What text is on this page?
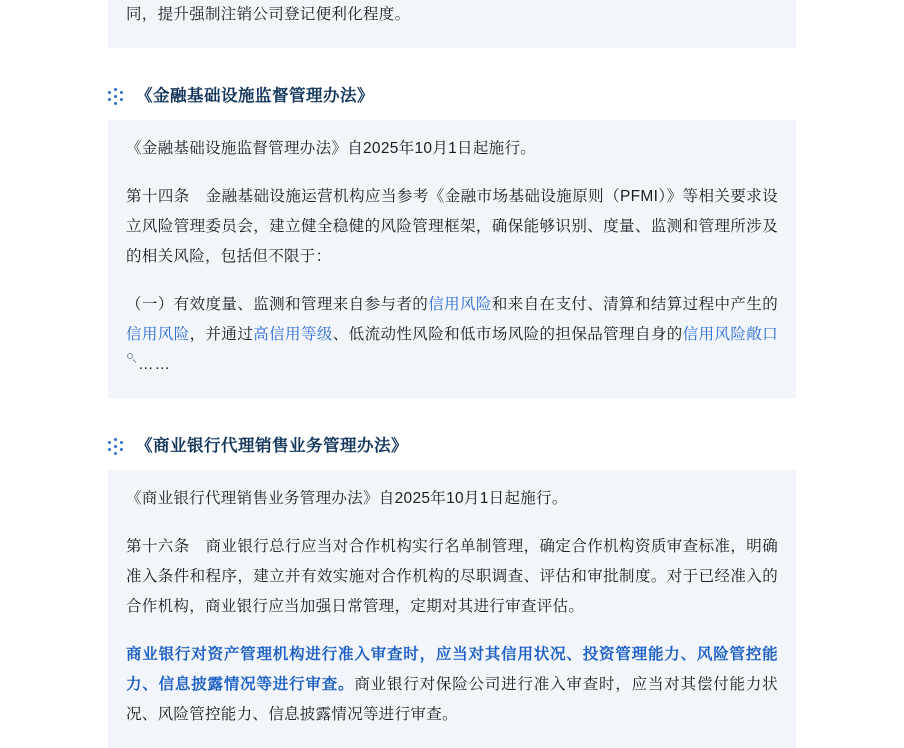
同，提升强制注销公司登记便利化程度。

《金融基础设施监督管理办法》

《金融基础设施监督管理办法》自2025年10月1日起施行。

第十四条　金融基础设施运营机构应当参考《金融市场基础设施原则（PFMI）》等相关要求设立风险管理委员会，建立健全稳健的风险管理框架，确保能够识别、度量、监测和管理所涉及的相关风险，包括但不限于：

（一）有效度量、监测和管理来自参与者的信用风险和来自在支付、清算和结算过程中产生的信用风险，并通过高信用等级、低流动性风险和低市场风险的担保品管理自身的信用风险敞口
……

《商业银行代理销售业务管理办法》

《商业银行代理销售业务管理办法》自2025年10月1日起施行。

第十六条　商业银行总行应当对合作机构实行名单制管理，确定合作机构资质审查标准，明确准入条件和程序，建立并有效实施对合作机构的尽职调查、评估和审批制度。对于已经准入的合作机构，商业银行应当加强日常管理，定期对其进行审查评估。

商业银行对资产管理机构进行准入审查时，应当对其信用状况、投资管理能力、风险管控能力、信息披露情况等进行审查。商业银行对保险公司进行准入审查时，应当对其偿付能力状况、风险管控能力、信息披露情况等进行审查。
